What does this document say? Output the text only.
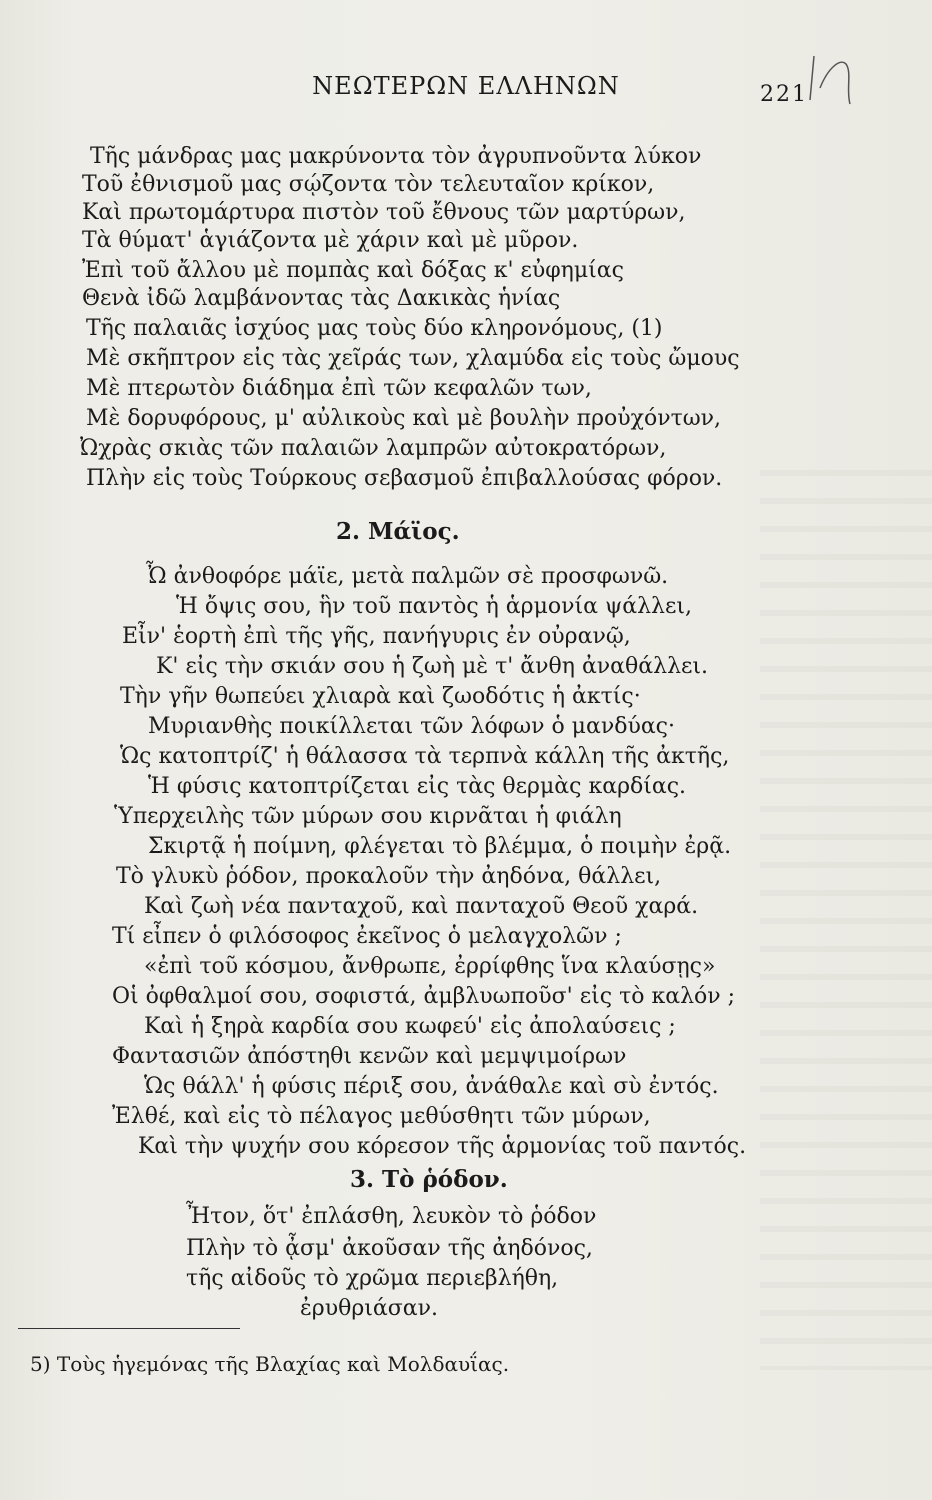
ΝΕΩΤΕΡΩΝ ΕΛΛΗΝΩΝ	221
Τῆς μάνδρας μας μακρύνοντα τὸν ἀγρυπνοῦντα λύκον
Τοῦ ἐθνισμοῦ μας σῴζοντα τὸν τελευταῖον κρίκον,
Καὶ πρωτομάρτυρα πιστὸν τοῦ ἔθνους τῶν μαρτύρων,
Τὰ θύματ' ἁγιάζοντα μὲ χάριν καὶ μὲ μῦρον.
Ἐπὶ τοῦ ἄλλου μὲ πομπὰς καὶ δόξας κ' εὐφημίας
Θενὰ ἰδῶ λαμβάνοντας τὰς Δακικὰς ἡνίας
Τῆς παλαιᾶς ἰσχύος μας τοὺς δύο κληρονόμους, (1)
Μὲ σκῆπτρον εἰς τὰς χεῖράς των, χλαμύδα εἰς τοὺς ὤμους
Μὲ πτερωτὸν διάδημα ἐπὶ τῶν κεφαλῶν των,
Μὲ δορυφόρους, μ' αὐλικοὺς καὶ μὲ βουλὴν προὐχόντων,
Ὠχρὰς σκιὰς τῶν παλαιῶν λαμπρῶν αὐτοκρατόρων,
Πλὴν εἰς τοὺς Τούρκους σεβασμοῦ ἐπιβαλλούσας φόρον.
2. Μάϊος.
Ὦ ἀνθοφόρε μάϊε, μετὰ παλμῶν σὲ προσφωνῶ.
Ἡ ὄψις σου, ἣν τοῦ παντὸς ἡ ἁρμονία ψάλλει,
Εἶν' ἑορτὴ ἐπὶ τῆς γῆς, πανήγυρις ἐν οὐρανῷ,
Κ' εἰς τὴν σκιάν σου ἡ ζωὴ μὲ τ' ἄνθη ἀναθάλλει.
Τὴν γῆν θωπεύει χλιαρὰ καὶ ζωοδότις ἡ ἀκτίς·
Μυριανθὴς ποικίλλεται τῶν λόφων ὁ μανδύας·
Ὡς κατοπτρίζ' ἡ θάλασσα τὰ τερπνὰ κάλλη τῆς ἀκτῆς,
Ἡ φύσις κατοπτρίζεται εἰς τὰς θερμὰς καρδίας.
Ὑπερχειλὴς τῶν μύρων σου κιρνᾶται ἡ φιάλη
Σκιρτᾷ ἡ ποίμνη, φλέγεται τὸ βλέμμα, ὁ ποιμὴν ἐρᾷ.
Τὸ γλυκὺ ῥόδον, προκαλοῦν τὴν ἀηδόνα, θάλλει,
Καὶ ζωὴ νέα πανταχοῦ, καὶ πανταχοῦ Θεοῦ χαρά.
Τί εἶπεν ὁ φιλόσοφος ἐκεῖνος ὁ μελαγχολῶν ;
«ἐπὶ τοῦ κόσμου, ἄνθρωπε, ἐρρίφθης ἵνα κλαύσῃς»
Οἱ ὀφθαλμοί σου, σοφιστά, ἀμβλυωποῦσ' εἰς τὸ καλόν ;
Καὶ ἡ ξηρὰ καρδία σου κωφεύ' εἰς ἀπολαύσεις ;
Φαντασιῶν ἀπόστηθι κενῶν καὶ μεμψιμοίρων
Ὡς θάλλ' ἡ φύσις πέριξ σου, ἀνάθαλε καὶ σὺ ἐντός.
Ἐλθέ, καὶ εἰς τὸ πέλαγος μεθύσθητι τῶν μύρων,
Καὶ τὴν ψυχήν σου κόρεσον τῆς ἁρμονίας τοῦ παντός.
3. Τὸ ῥόδον.
Ἦτον, ὅτ' ἐπλάσθη, λευκὸν τὸ ῥόδον
Πλὴν τὸ ᾆσμ' ἀκοῦσαν τῆς ἀηδόνος,
τῆς αἰδοῦς τὸ χρῶμα περιεβλήθη,
ἐρυθριάσαν.
5) Τοὺς ἡγεμόνας τῆς Βλαχίας καὶ Μολδαυΐας.
